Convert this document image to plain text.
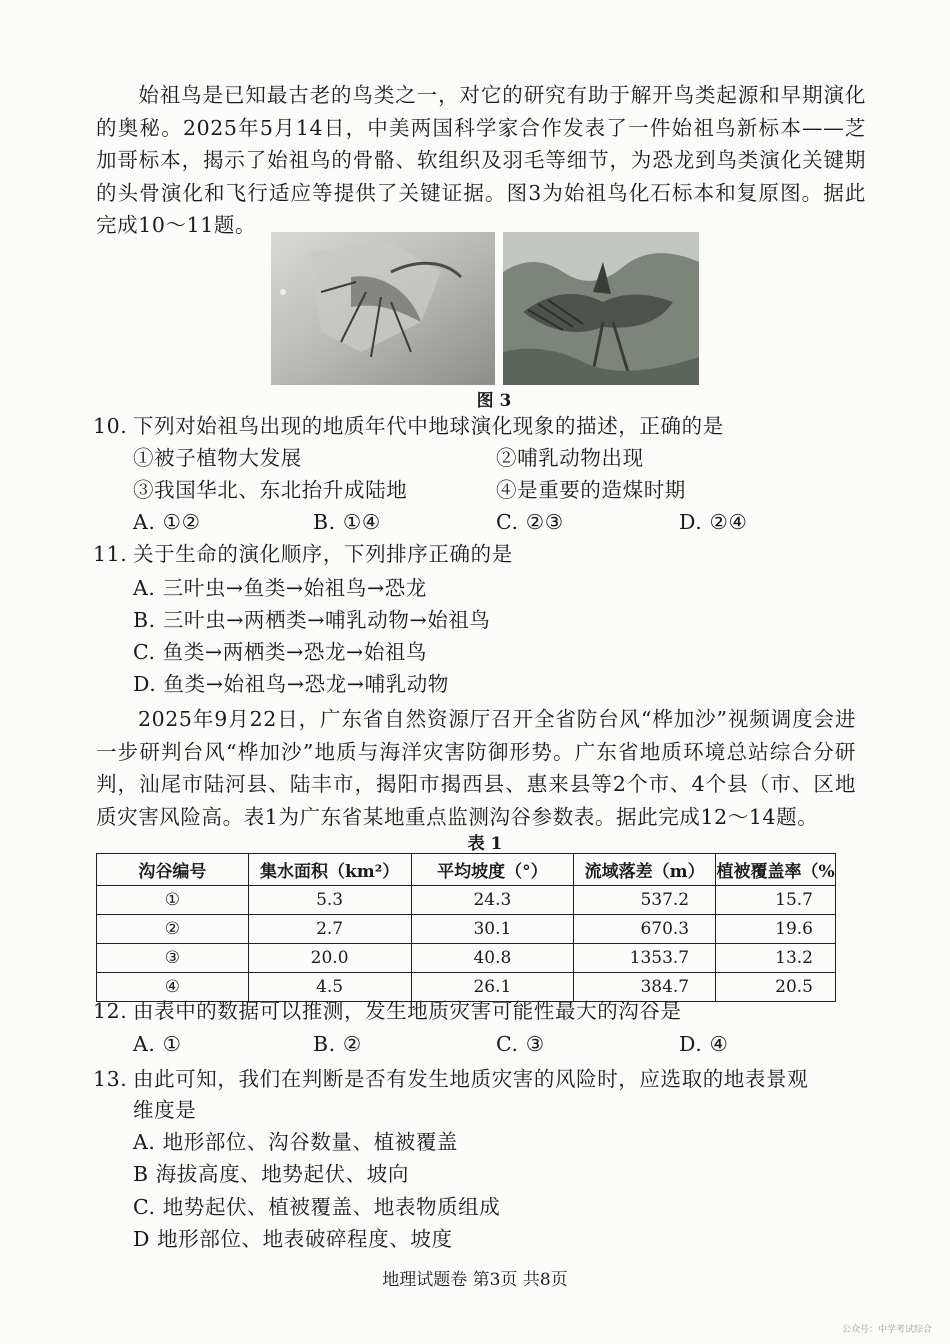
始祖鸟是已知最古老的鸟类之一，对它的研究有助于解开鸟类起源和早期演化的奥秘。2025年5月14日，中美两国科学家合作发表了一件始祖鸟新标本——芝加哥标本，揭示了始祖鸟的骨骼、软组织及羽毛等细节，为恐龙到鸟类演化关键期的头骨演化和飞行适应等提供了关键证据。图3为始祖鸟化石标本和复原图。据此完成10～11题。
图 3
10. 下列对始祖鸟出现的地质年代中地球演化现象的描述，正确的是
①被子植物大发展	②哺乳动物出现
③我国华北、东北抬升成陆地	④是重要的造煤时期
A. ①②	B. ①④	C. ②③	D. ②④
11. 关于生命的演化顺序，下列排序正确的是
A. 三叶虫→鱼类→始祖鸟→恐龙
B. 三叶虫→两栖类→哺乳动物→始祖鸟
C. 鱼类→两栖类→恐龙→始祖鸟
D. 鱼类→始祖鸟→恐龙→哺乳动物
2025年9月22日，广东省自然资源厅召开全省防台风“桦加沙”视频调度会进一步研判台风“桦加沙”地质与海洋灾害防御形势。广东省地质环境总站综合分研判，汕尾市陆河县、陆丰市，揭阳市揭西县、惠来县等2个市、4个县（市、区地质灾害风险高。表1为广东省某地重点监测沟谷参数表。据此完成12～14题。
表 1
沟谷编号	集水面积（km²）	平均坡度（°）	流域落差（m）	植被覆盖率（%
①	5.3	24.3	537.2	15.7
②	2.7	30.1	670.3	19.6
③	20.0	40.8	1353.7	13.2
④	4.5	26.1	384.7	20.5
12. 由表中的数据可以推测，发生地质灾害可能性最大的沟谷是
A. ①	B. ②	C. ③	D. ④
13. 由此可知，我们在判断是否有发生地质灾害的风险时，应选取的地表景观
维度是
A. 地形部位、沟谷数量、植被覆盖
B 海拔高度、地势起伏、坡向
C. 地势起伏、植被覆盖、地表物质组成
D 地形部位、地表破碎程度、坡度
地理试题卷 第3页 共8页
公众号：中学考试综合
